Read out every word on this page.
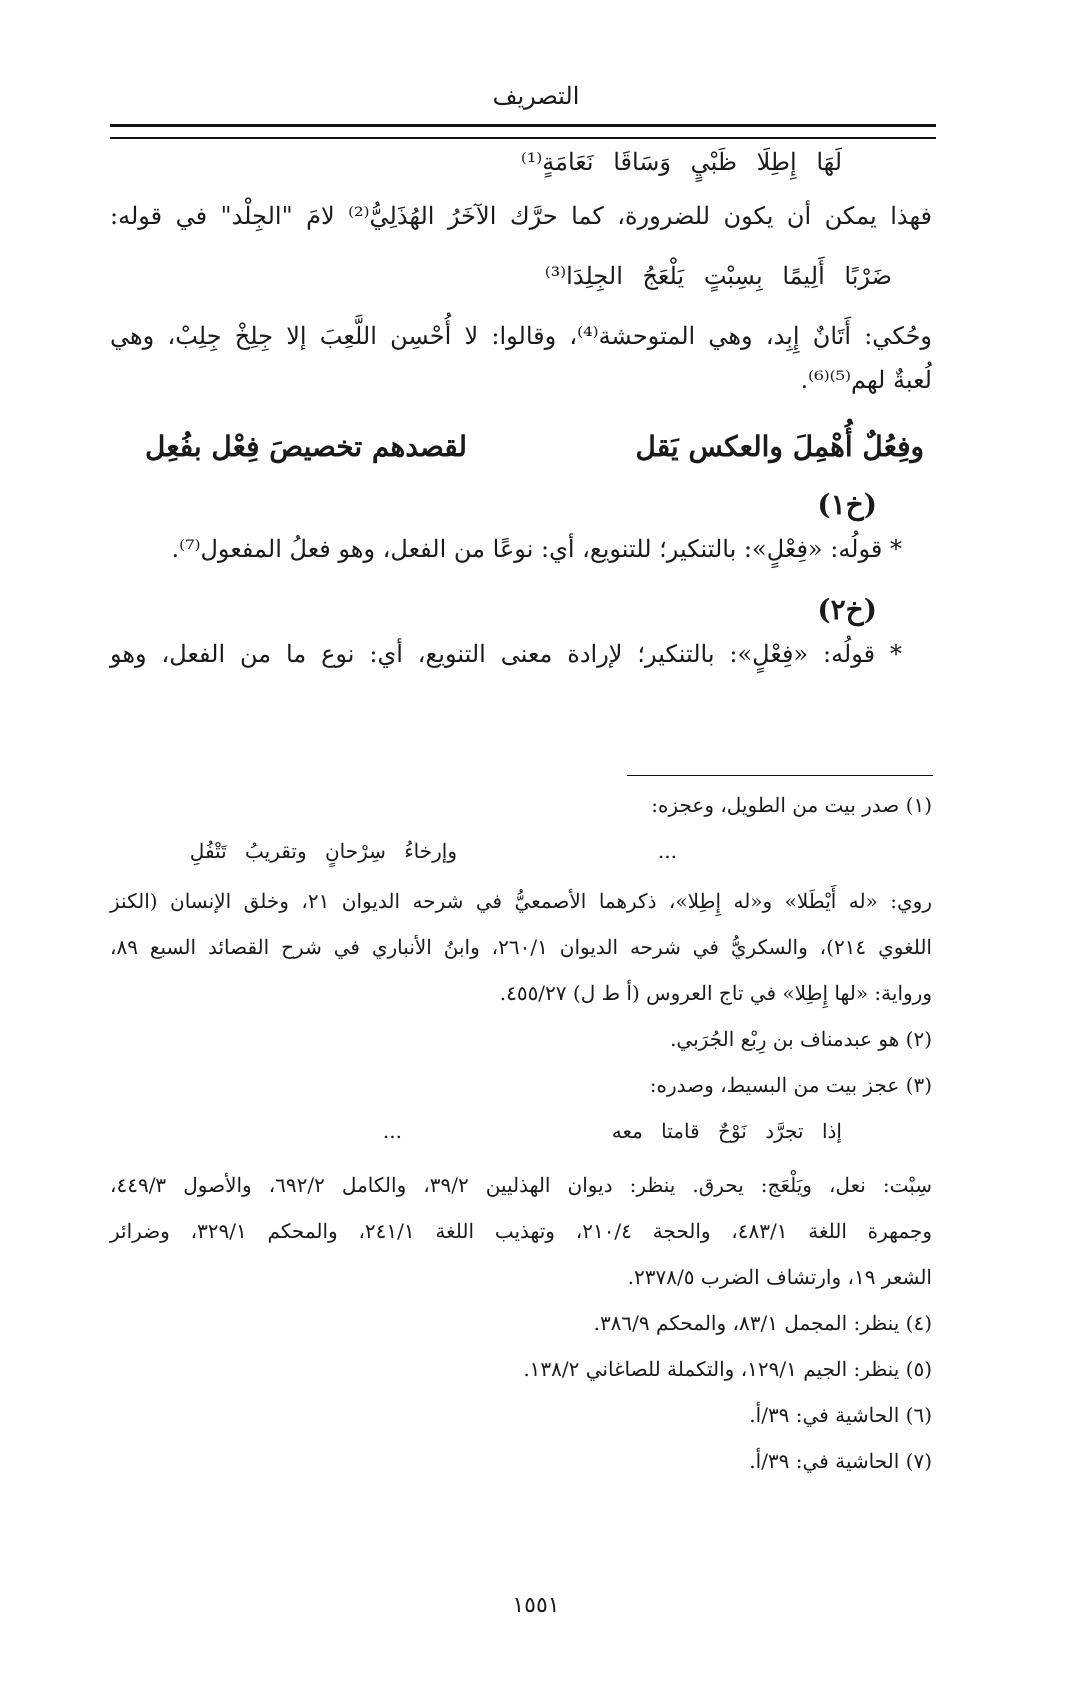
التصريف
لَهَا إِطِلَا ظَبْيٍ وَسَاقَا نَعَامَةٍ⁽¹⁾
فهذا يمكن أن يكون للضرورة، كما حرَّك الآخَرُ الهُذَلِيُّ⁽²⁾ لامَ "الجِلْد" في قوله:
ضَرْبًا أَلِيمًا بِسِبْتٍ يَلْعَجُ الجِلِدَا⁽³⁾
وحُكي: أَتَانٌ إِبِد، وهي المتوحشة⁽⁴⁾، وقالوا: لا أُحْسِن اللَّعِبَ إلا جِلِخْ جِلِبْ، وهي
لُعبةٌ لهم⁽⁵⁾⁽⁶⁾.
وفِعُلٌ أُهْمِلَ والعكس يَقل
لقصدهم تخصيصَ فِعْل بفُعِل
(خ١)
* قولُه: «فِعْلٍ»: بالتنكير؛ للتنويع، أي: نوعًا من الفعل، وهو فعلُ المفعول⁽⁷⁾.
(خ٢)
* قولُه: «فِعْلٍ»: بالتنكير؛ لإرادة معنى التنويع، أي: نوع ما من الفعل، وهو
(١) صدر بيت من الطويل، وعجزه:
...
وإرخاءُ سِرْحانٍ وتقريبُ تَتْفُلِ
روي: «له أَيْطَلا» و«له إِطِلا»، ذكرهما الأصمعيُّ في شرحه الديوان ٢١، وخلق الإنسان (الكنز
اللغوي ٢١٤)، والسكريُّ في شرحه الديوان ٢٦٠/١، وابنُ الأنباري في شرح القصائد السبع ٨٩،
ورواية: «لها إِطِلا» في تاج العروس (أ ط ل) ٤٥٥/٢٧.
(٢) هو عبدمناف بن رِبْع الجُرَبي.
(٣) عجز بيت من البسيط، وصدره:
إذا تجرَّد نَوْحٌ قامتا معه
...
سِبْت: نعل، ويَلْعَج: يحرق. ينظر: ديوان الهذليين ٣٩/٢، والكامل ٦٩٢/٢، والأصول ٤٤٩/٣،
وجمهرة اللغة ٤٨٣/١، والحجة ٢١٠/٤، وتهذيب اللغة ٢٤١/١، والمحكم ٣٢٩/١، وضرائر
الشعر ١٩، وارتشاف الضرب ٢٣٧٨/٥.
(٤) ينظر: المجمل ٨٣/١، والمحكم ٣٨٦/٩.
(٥) ينظر: الجيم ١٢٩/١، والتكملة للصاغاني ١٣٨/٢.
(٦) الحاشية في: ٣٩/أ.
(٧) الحاشية في: ٣٩/أ.
١٥٥١
